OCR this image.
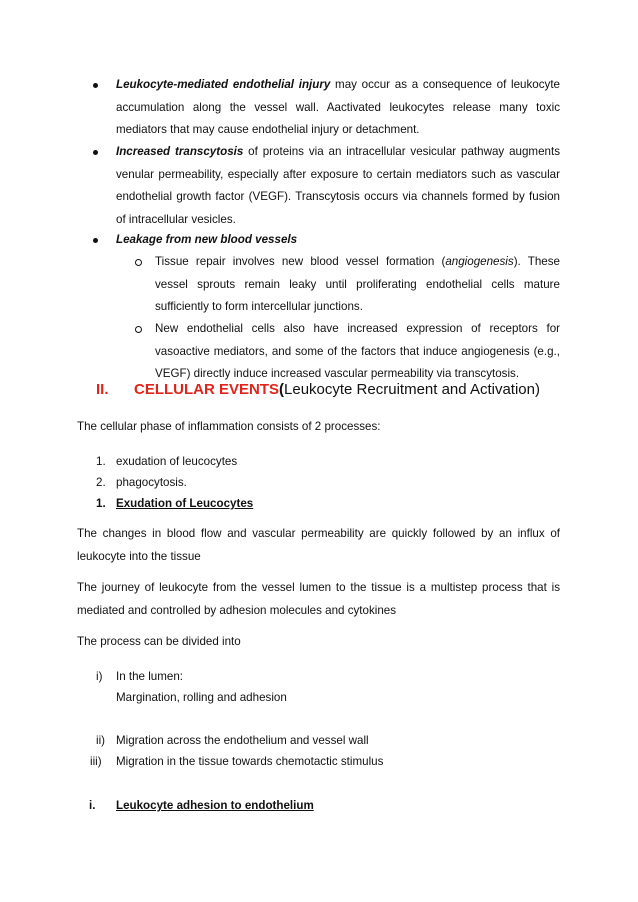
Leukocyte-mediated endothelial injury may occur as a consequence of leukocyte accumulation along the vessel wall. Aactivated leukocytes release many toxic mediators that may cause endothelial injury or detachment.
Increased transcytosis of proteins via an intracellular vesicular pathway augments venular permeability, especially after exposure to certain mediators such as vascular endothelial growth factor (VEGF). Transcytosis occurs via channels formed by fusion of intracellular vesicles.
Leakage from new blood vessels
Tissue repair involves new blood vessel formation (angiogenesis). These vessel sprouts remain leaky until proliferating endothelial cells mature sufficiently to form intercellular junctions.
New endothelial cells also have increased expression of receptors for vasoactive mediators, and some of the factors that induce angiogenesis (e.g., VEGF) directly induce increased vascular permeability via transcytosis.
II. CELLULAR EVENTS(Leukocyte Recruitment and Activation)
The cellular phase of inflammation consists of 2 processes:
1. exudation of leucocytes
2. phagocytosis.
1. Exudation of Leucocytes
The changes in blood flow and vascular permeability are quickly followed by an influx of leukocyte into the tissue
The journey of leukocyte from the vessel lumen to the tissue is a multistep process that is mediated and controlled by adhesion molecules and cytokines
The process can be divided into
i) In the lumen:
Margination, rolling and adhesion
ii) Migration across the endothelium and vessel wall
iii) Migration in the tissue towards chemotactic stimulus
i. Leukocyte adhesion to endothelium
